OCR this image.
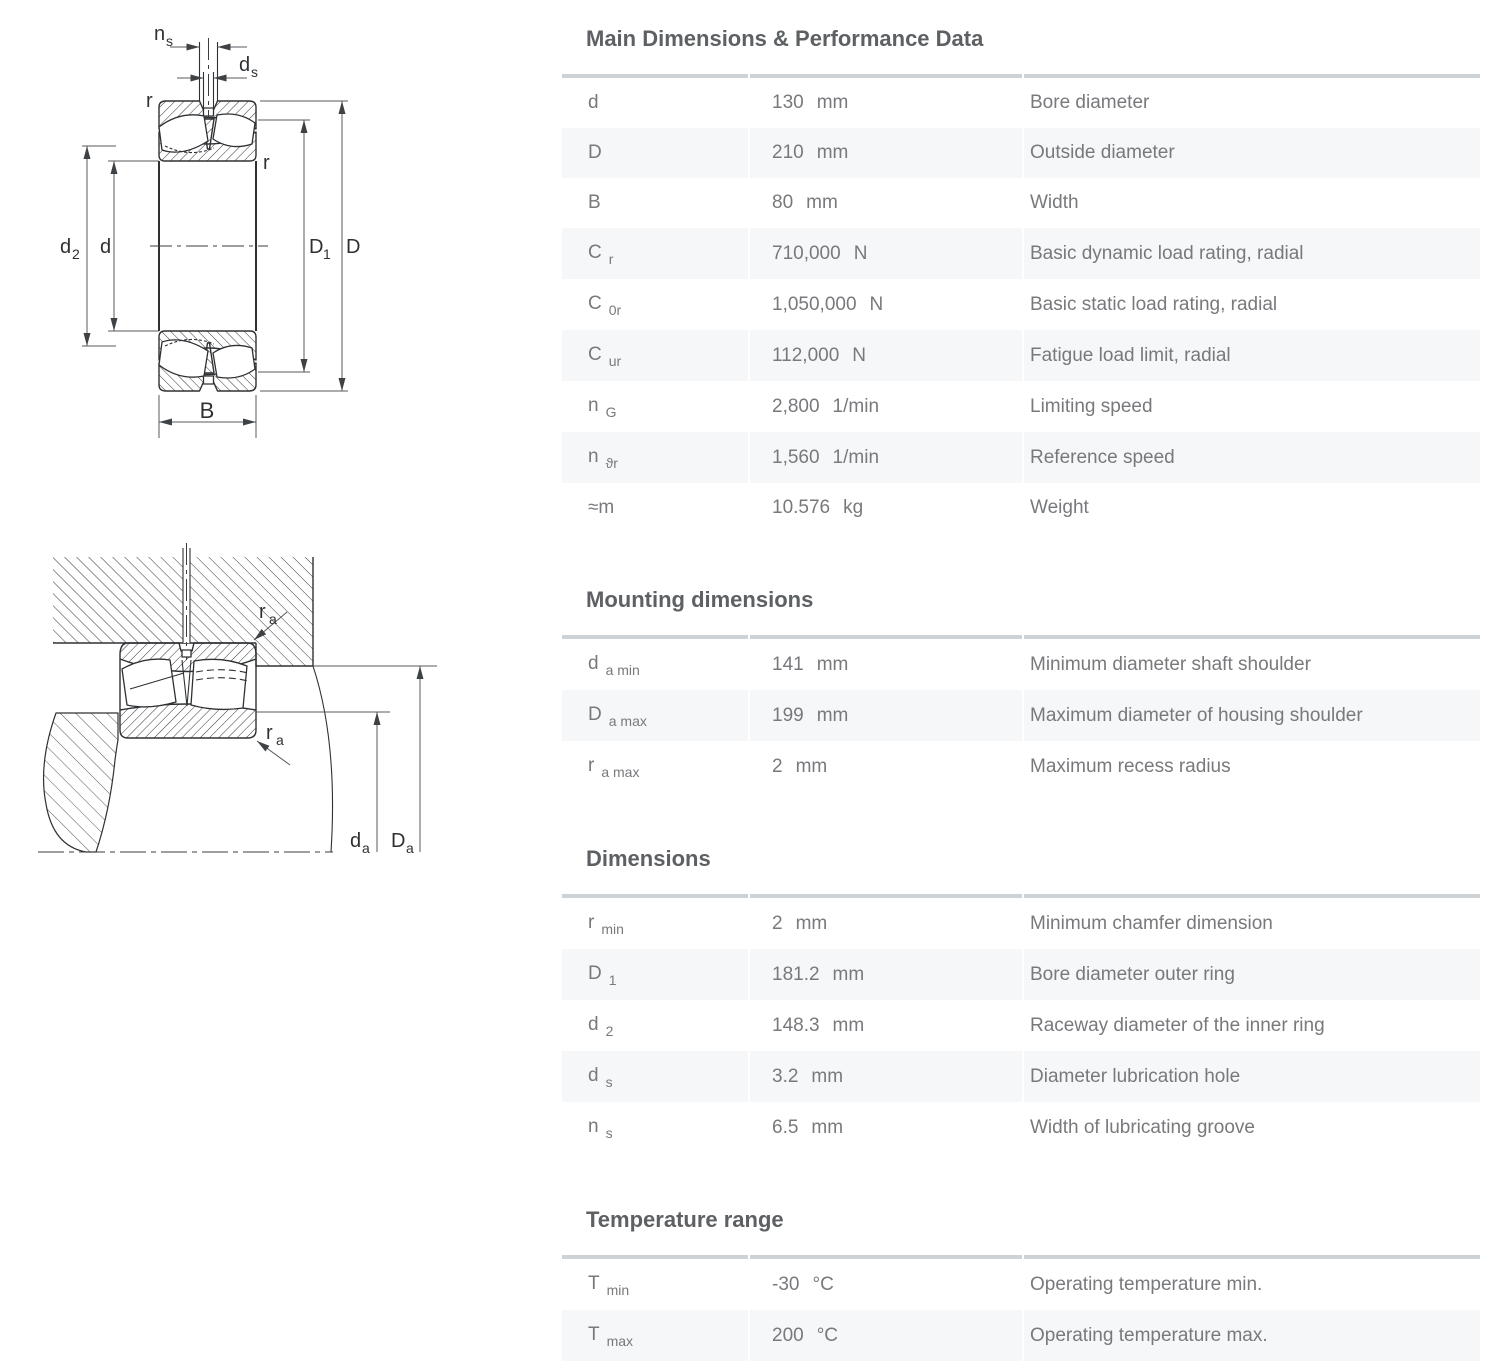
n s
d s
r
r
d 2 d	D 1 D
B
r a
r a
d a D a
Main Dimensions & Performance Data
d	130 mm	Bore diameter
D	210 mm	Outside diameter
B	80 mm	Width
C r	710,000 N	Basic dynamic load rating, radial
C 0r	1,050,000 N	Basic static load rating, radial
C ur	112,000 N	Fatigue load limit, radial
n G	2,800 1/min	Limiting speed
n ϑr	1,560 1/min	Reference speed
≈m	10.576 kg	Weight
Mounting dimensions
d a min	141 mm	Minimum diameter shaft shoulder
D a max	199 mm	Maximum diameter of housing shoulder
r a max	2 mm	Maximum recess radius
Dimensions
r min	2 mm	Minimum chamfer dimension
D 1	181.2 mm	Bore diameter outer ring
d 2	148.3 mm	Raceway diameter of the inner ring
d s	3.2 mm	Diameter lubrication hole
n s	6.5 mm	Width of lubricating groove
Temperature range
T min	-30 °C	Operating temperature min.
T max	200 °C	Operating temperature max.
